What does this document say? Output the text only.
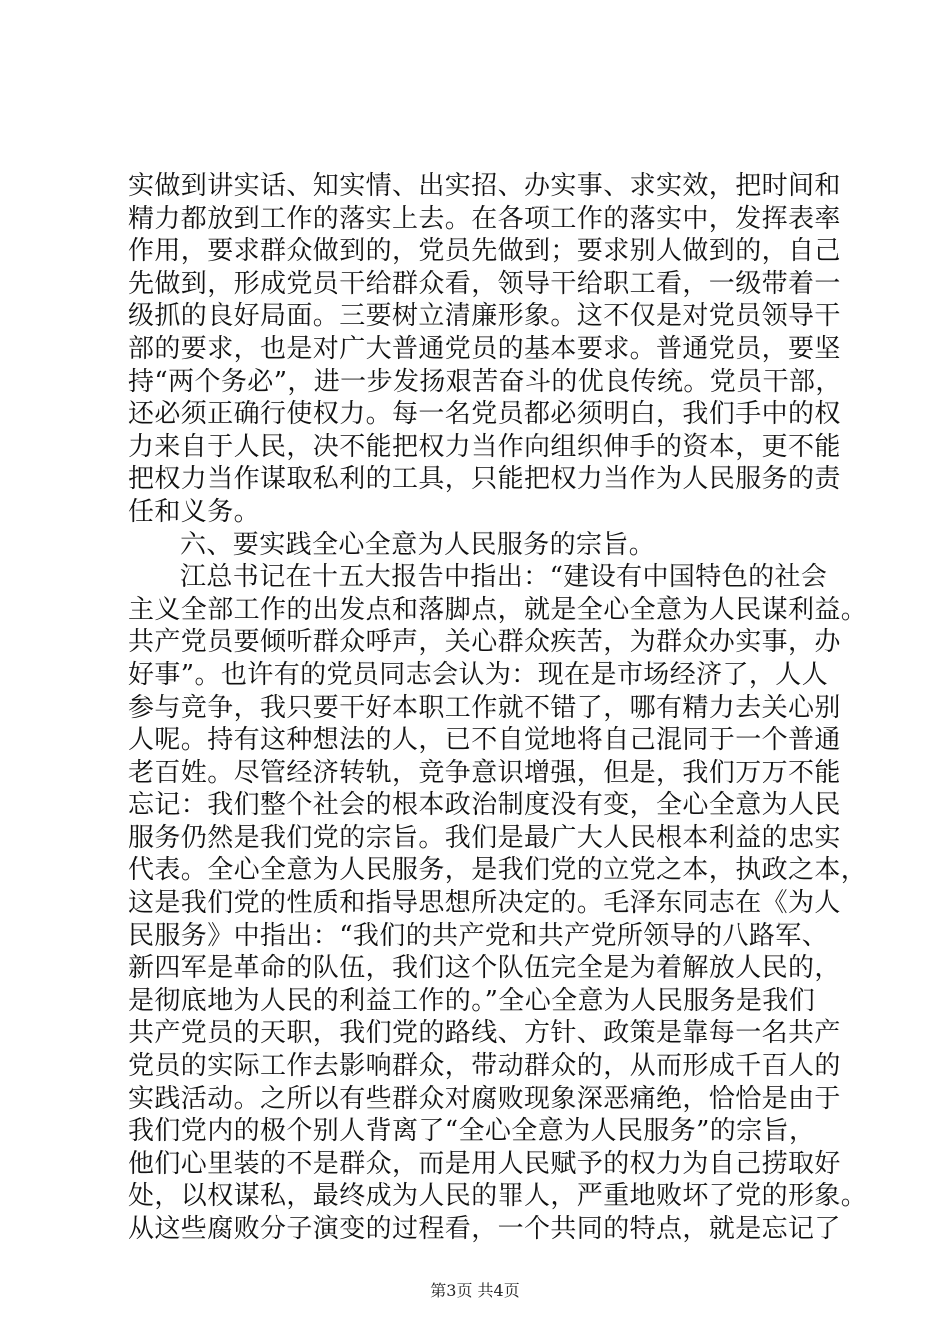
实做到讲实话、知实情、出实招、办实事、求实效，把时间和
精力都放到工作的落实上去。在各项工作的落实中，发挥表率
作用，要求群众做到的，党员先做到；要求别人做到的，自己
先做到，形成党员干给群众看，领导干给职工看，一级带着一
级抓的良好局面。三要树立清廉形象。这不仅是对党员领导干
部的要求，也是对广大普通党员的基本要求。普通党员，要坚
持“两个务必”，进一步发扬艰苦奋斗的优良传统。党员干部，
还必须正确行使权力。每一名党员都必须明白，我们手中的权
力来自于人民，决不能把权力当作向组织伸手的资本，更不能
把权力当作谋取私利的工具，只能把权力当作为人民服务的责
任和义务。
六、要实践全心全意为人民服务的宗旨。
江总书记在十五大报告中指出：“建设有中国特色的社会
主义全部工作的出发点和落脚点，就是全心全意为人民谋利益。
共产党员要倾听群众呼声，关心群众疾苦，为群众办实事，办
好事”。也许有的党员同志会认为：现在是市场经济了，人人
参与竞争，我只要干好本职工作就不错了，哪有精力去关心别
人呢。持有这种想法的人，已不自觉地将自己混同于一个普通
老百姓。尽管经济转轨，竞争意识增强，但是，我们万万不能
忘记：我们整个社会的根本政治制度没有变，全心全意为人民
服务仍然是我们党的宗旨。我们是最广大人民根本利益的忠实
代表。全心全意为人民服务，是我们党的立党之本，执政之本，
这是我们党的性质和指导思想所决定的。毛泽东同志在《为人
民服务》中指出：“我们的共产党和共产党所领导的八路军、
新四军是革命的队伍，我们这个队伍完全是为着解放人民的，
是彻底地为人民的利益工作的。”全心全意为人民服务是我们
共产党员的天职，我们党的路线、方针、政策是靠每一名共产
党员的实际工作去影响群众，带动群众的，从而形成千百人的
实践活动。之所以有些群众对腐败现象深恶痛绝，恰恰是由于
我们党内的极个别人背离了“全心全意为人民服务”的宗旨，
他们心里装的不是群众，而是用人民赋予的权力为自己捞取好
处，以权谋私，最终成为人民的罪人，严重地败坏了党的形象。
从这些腐败分子演变的过程看，一个共同的特点，就是忘记了
第3页 共4页
